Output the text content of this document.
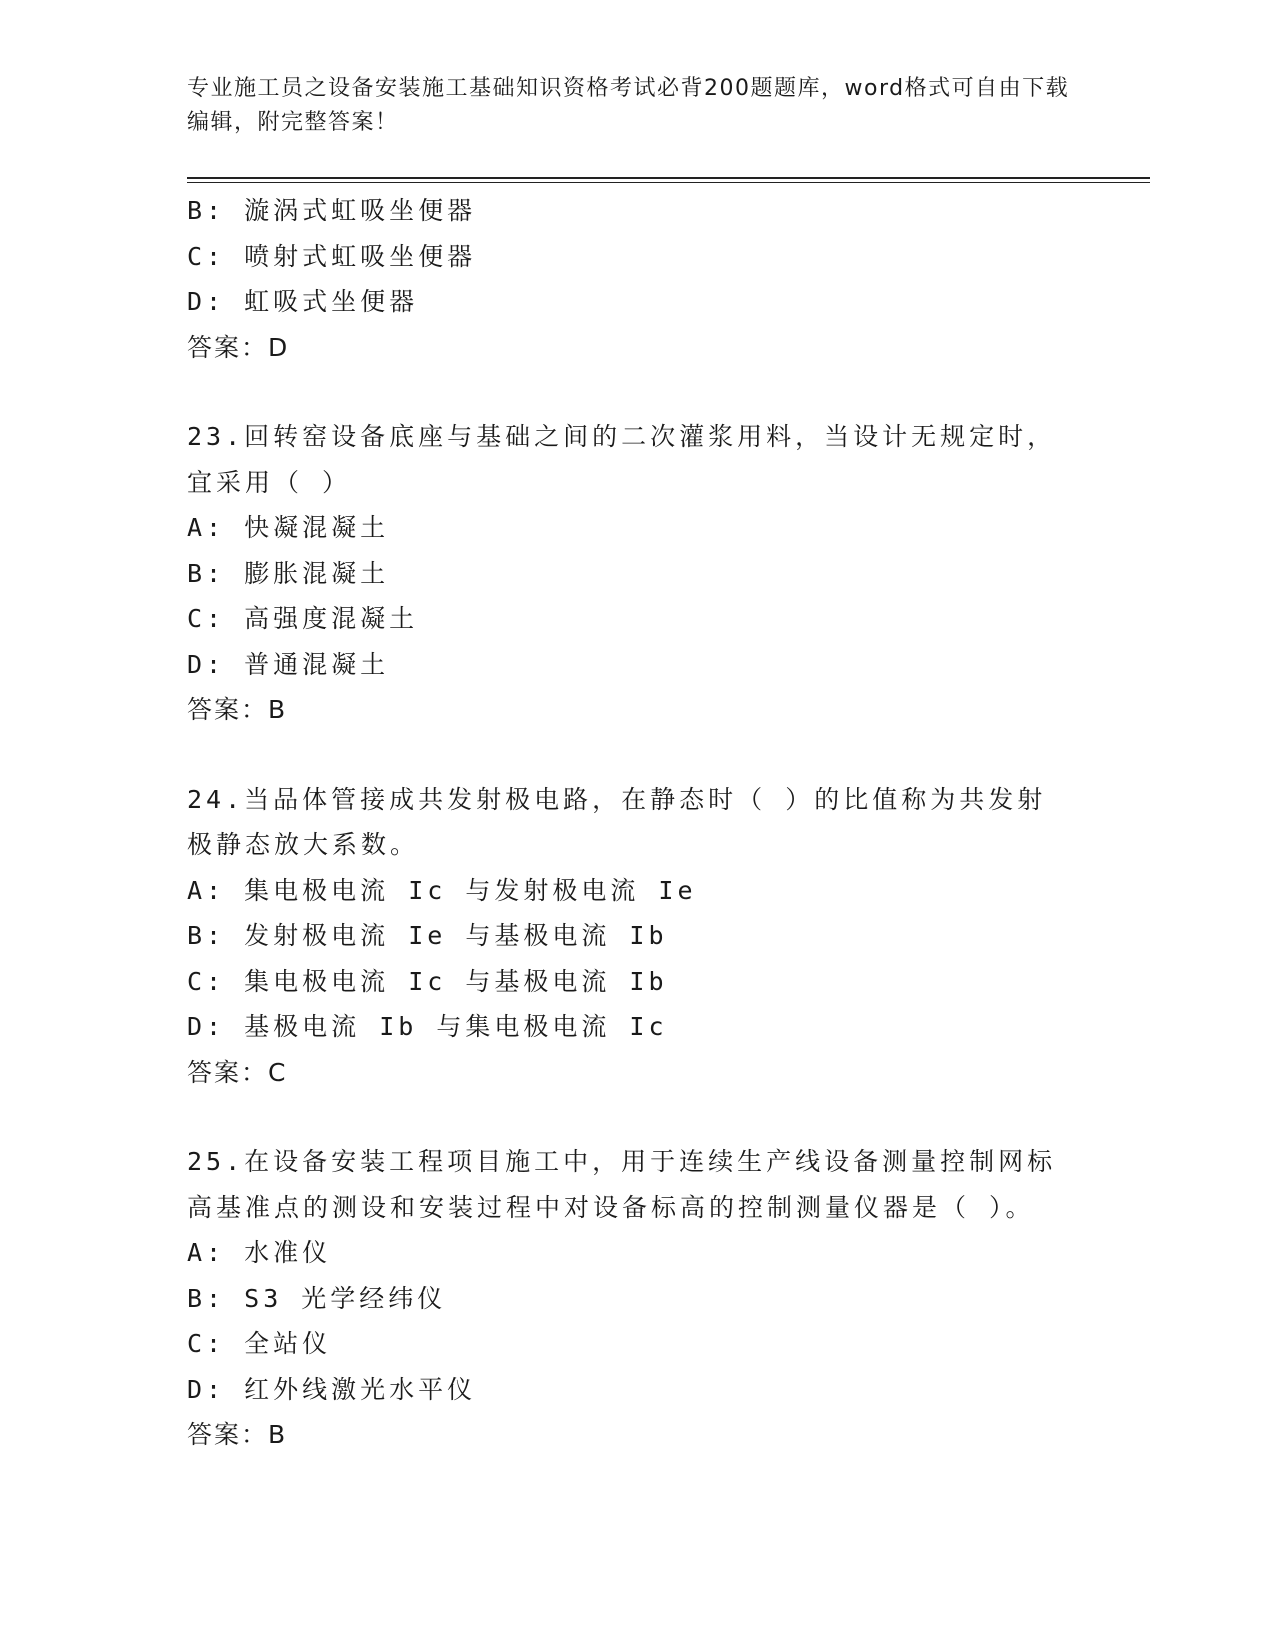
专业施工员之设备安装施工基础知识资格考试必背200题题库，word格式可自由下载编辑，附完整答案！
B: 漩涡式虹吸坐便器
C: 喷射式虹吸坐便器
D: 虹吸式坐便器
答案：D
23.回转窑设备底座与基础之间的二次灌浆用料，当设计无规定时，宜采用（ ）
A: 快凝混凝土
B: 膨胀混凝土
C: 高强度混凝土
D: 普通混凝土
答案：B
24.当品体管接成共发射极电路，在静态时（ ）的比值称为共发射极静态放大系数。
A: 集电极电流 Ic 与发射极电流 Ie
B: 发射极电流 Ie 与基极电流 Ib
C: 集电极电流 Ic 与基极电流 Ib
D: 基极电流 Ib 与集电极电流 Ic
答案：C
25.在设备安装工程项目施工中，用于连续生产线设备测量控制网标高基准点的测设和安装过程中对设备标高的控制测量仪器是（ ）。
A: 水准仪
B: S3 光学经纬仪
C: 全站仪
D: 红外线激光水平仪
答案：B
